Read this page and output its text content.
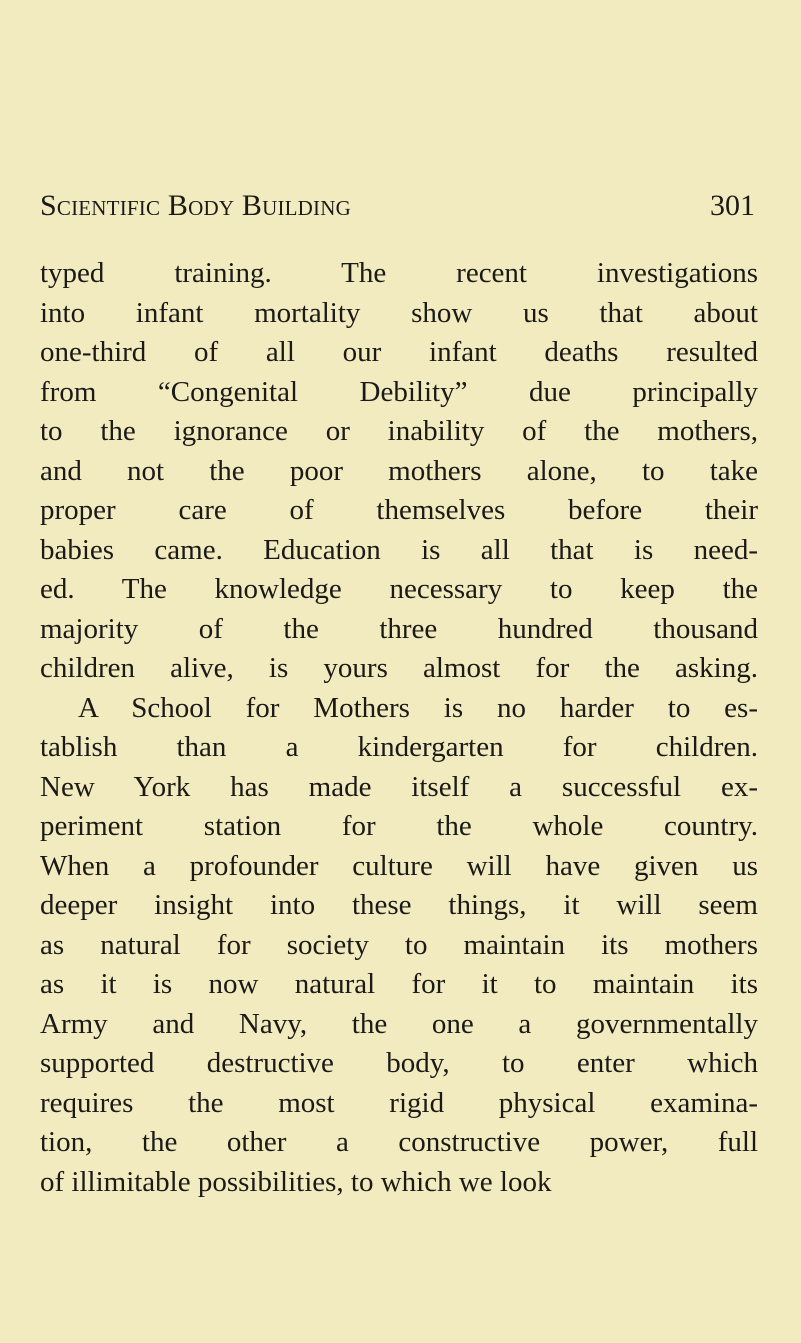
Scientific Body Building	301
typed training. The recent investigations
into infant mortality show us that about
one-third of all our infant deaths resulted
from “Congenital Debility” due principally
to the ignorance or inability of the mothers,
and not the poor mothers alone, to take
proper care of themselves before their
babies came. Education is all that is need-
ed. The knowledge necessary to keep the
majority of the three hundred thousand
children alive, is yours almost for the asking.
A School for Mothers is no harder to es-
tablish than a kindergarten for children.
New York has made itself a successful ex-
periment station for the whole country.
When a profounder culture will have given us
deeper insight into these things, it will seem
as natural for society to maintain its mothers
as it is now natural for it to maintain its
Army and Navy, the one a governmentally
supported destructive body, to enter which
requires the most rigid physical examina-
tion, the other a constructive power, full
of illimitable possibilities, to which we look
